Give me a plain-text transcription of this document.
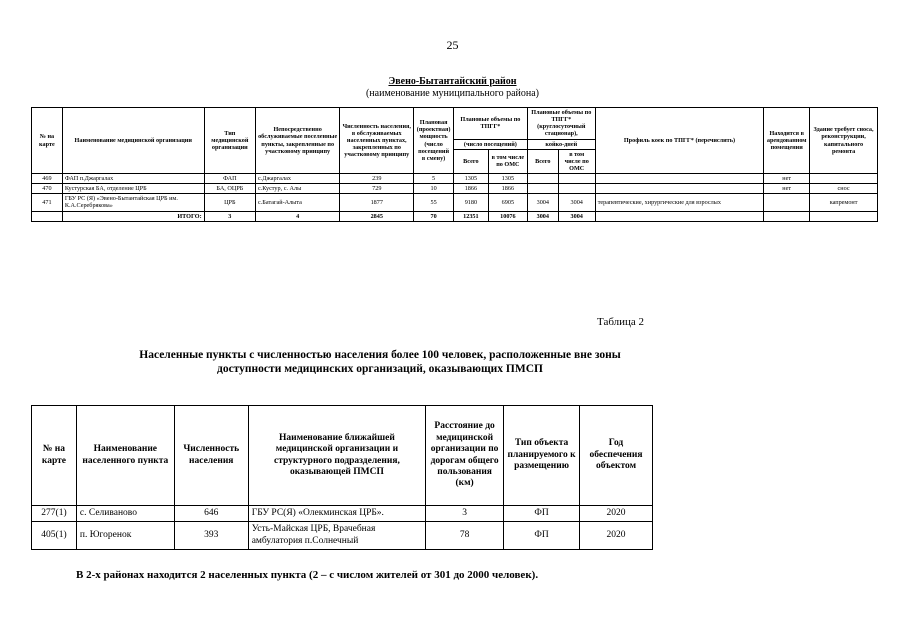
25
Эвено-Бытантайский район
(наименование муниципального района)
№ на карте	Наименование медицинской организации	Тип медицинской организации	Непосредственно обслуживаемые поселенные пункты, закрепленные по участковому принципу	Численность населения, в обслуживаемых населенных пунктах, закрепленных по участковому принципу	Плановая (проектная) мощность (число посещений в смену)	Плановые объемы по ТПГГ*		Плановые объемы по ТПГГ* (круглосуточный стационар),		Профиль коек по ТПГГ* (перечислить)	Находится в арендованном помещении	Здание требует сноса, реконструкции, капитального ремонта
						(число посещений)		койко-дней				
						Всего	в том числе по ОМС	Всего	в том числе по ОМС			
469	ФАП п.Джаргалах	ФАП	с.Джаргалах	239	5	1305	1305				нет	
470	Кустурская БА, отделение ЦРБ	БА, ОЦРБ	с.Кустур, с. Алы	729	10	1866	1866				нет	снос
471	ГБУ РС (Я) «Эвено-Бытантайская ЦРБ им. К.А.Серебрякова»	ЦРБ	с.Батагай-Алыта	1877	55	9180	6905	3004	3004	терапевтические, хирургические для взрослых		капремонт
	ИТОГО:	3	4	2845	70	12351	10076	3004	3004			
Таблица 2
Населенные пункты с численностью населения более 100 человек, расположенные вне зоны
доступности медицинских организаций, оказывающих ПМСП
№ на карте	Наименование населенного пункта	Численность населения	Наименование ближайшей медицинской организации и структурного подразделения, оказывающей ПМСП	Расстояние до медицинской организации по дорогам общего пользования (км)	Тип объекта планируемого к размещению	Год обеспечения объектом
277(1)	с. Селиваново	646	ГБУ РС(Я) «Олекминская ЦРБ».	3	ФП	2020
405(1)	п. Югоренок	393	Усть-Майская ЦРБ, Врачебная амбулатория п.Солнечный	78	ФП	2020
В 2-х районах находится 2 населенных пункта (2 – с числом жителей от 301 до 2000 человек).
